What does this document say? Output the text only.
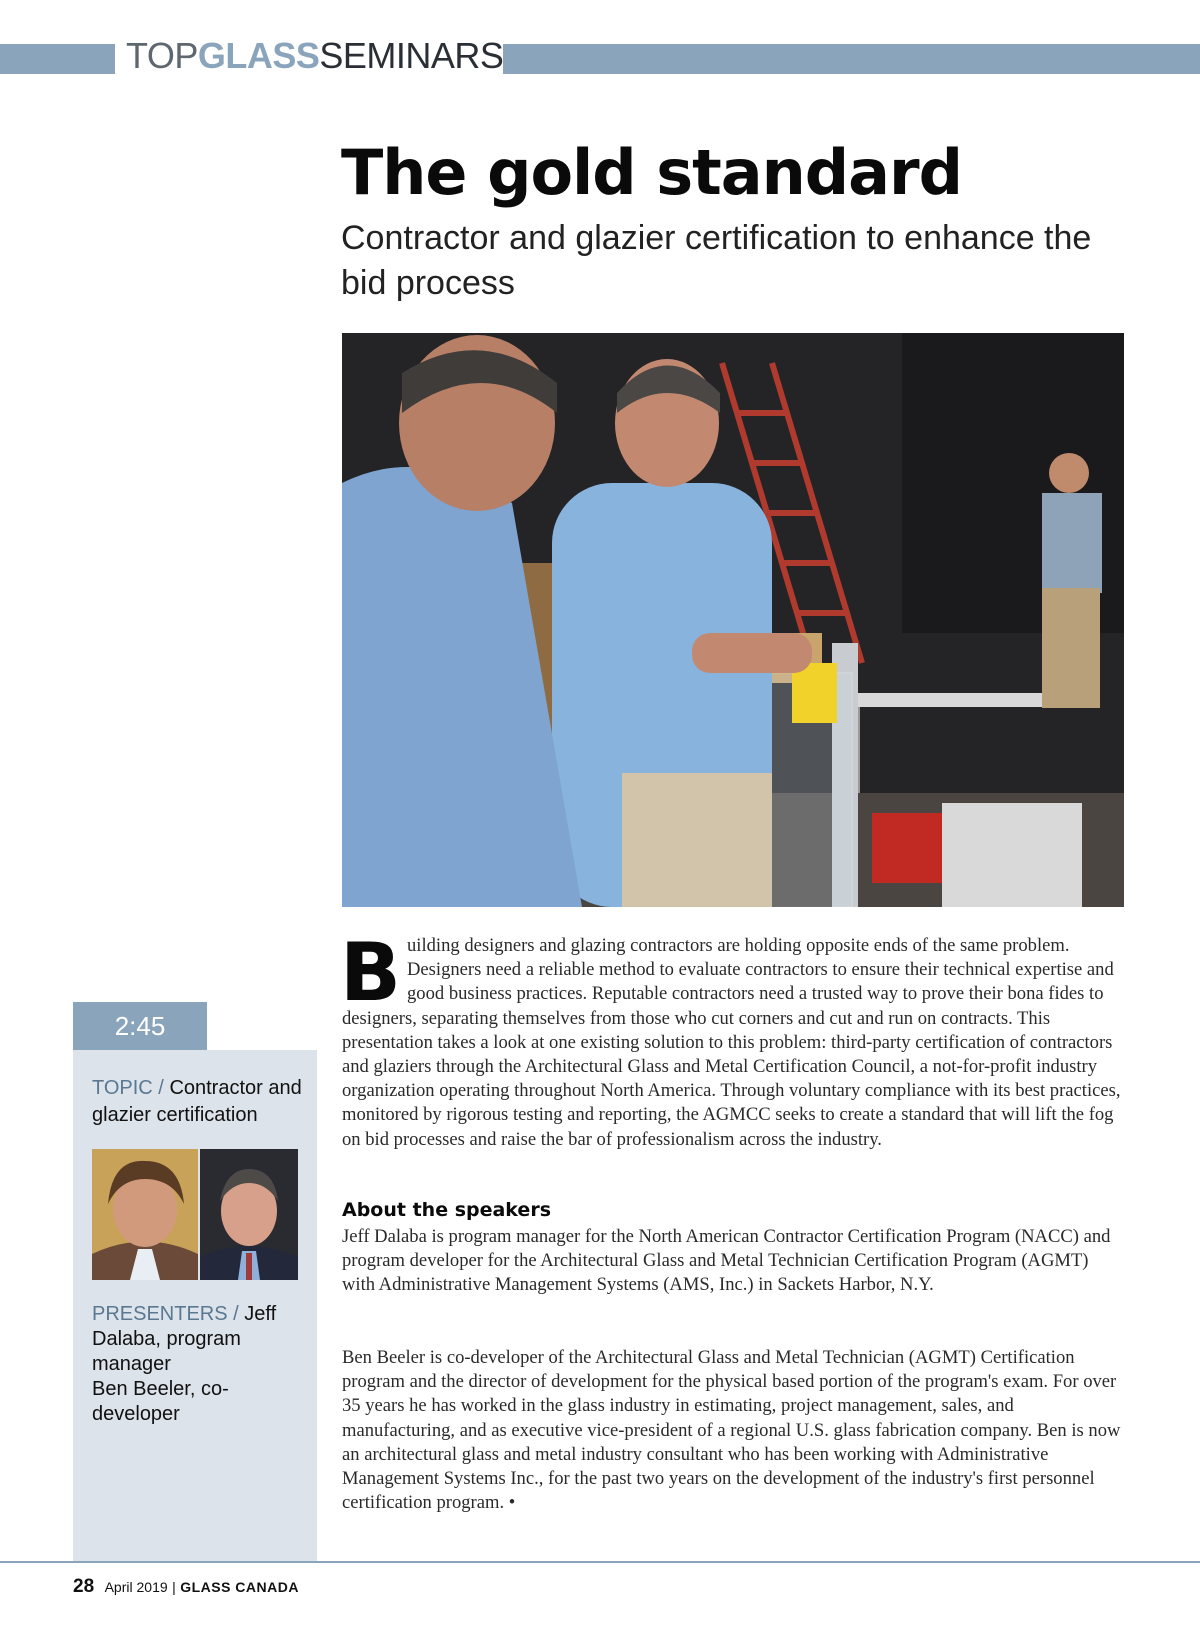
TOPGLASSSEMINARS
The gold standard

Contractor and glazier certification to enhance the bid process

2:45
TOPIC / Contractor and glazier certification
PRESENTERS / Jeff Dalaba, program manager
Ben Beeler, co-developer
B uilding designers and glazing contractors are holding opposite ends of the same problem. Designers need a reliable method to evaluate contractors to ensure their technical expertise and good business practices. Reputable contractors need a trusted way to prove their bona fides to designers, separating themselves from those who cut corners and cut and run on contracts. This presentation takes a look at one existing solution to this problem: third-party certification of contractors and glaziers through the Architectural Glass and Metal Certification Council, a not-for-profit industry organization operating throughout North America. Through voluntary compliance with its best practices, monitored by rigorous testing and reporting, the AGMCC seeks to create a standard that will lift the fog on bid processes and raise the bar of professionalism across the industry.

About the speakers

Jeff Dalaba is program manager for the North American Contractor Certification Program (NACC) and program developer for the Architectural Glass and Metal Technician Certification Program (AGMT) with Administrative Management Systems (AMS, Inc.) in Sackets Harbor, N.Y.

Ben Beeler is co-developer of the Architectural Glass and Metal Technician (AGMT) Certification program and the director of development for the physical based portion of the program's exam. For over 35 years he has worked in the glass industry in estimating, project management, sales, and manufacturing, and as executive vice-president of a regional U.S. glass fabrication company. Ben is now an architectural glass and metal industry consultant who has been working with Administrative Management Systems Inc., for the past two years on the development of the industry's first personnel certification program. •

28 April 2019 | GLASS CANADA
